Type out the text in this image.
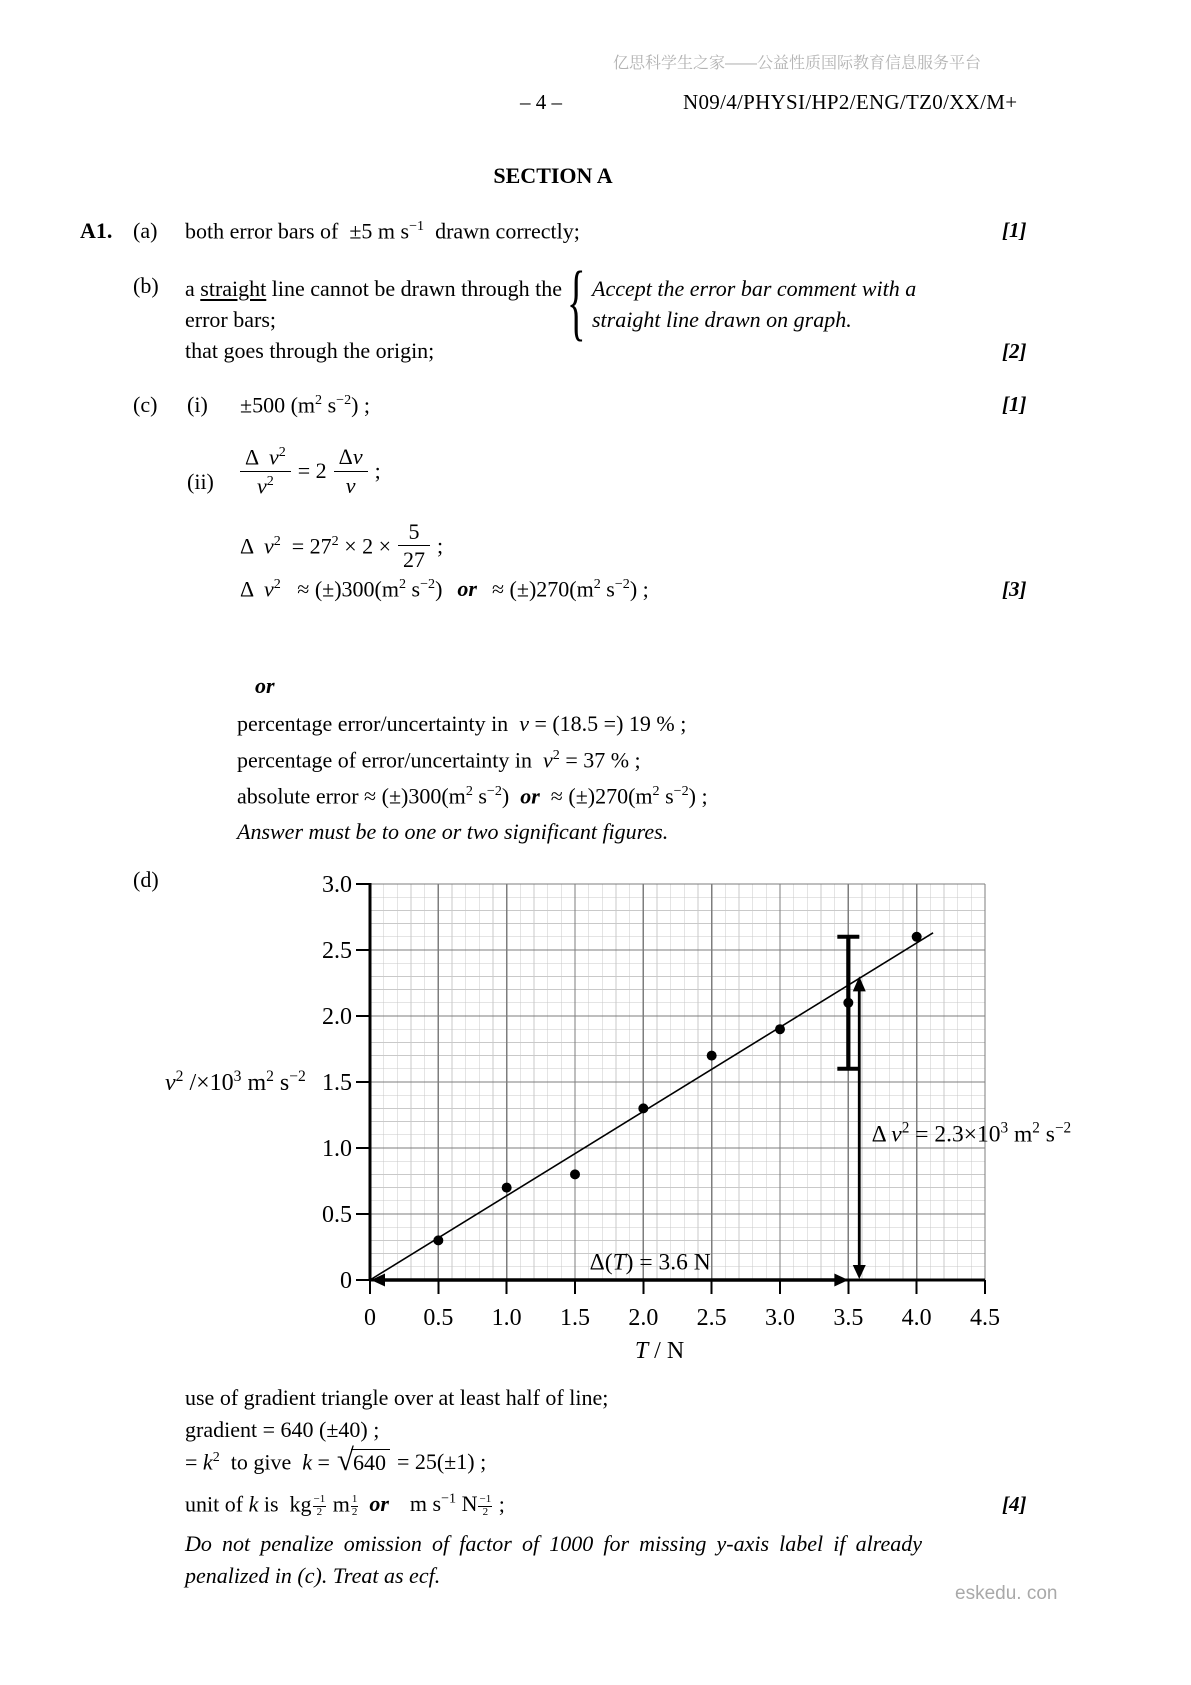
亿思科学生之家——公益性质国际教育信息服务平台
– 4 –	N09/4/PHYSI/HP2/ENG/TZ0/XX/M+
SECTION A
A1. (a) both error bars of  ±5 m $s^{-1}$  drawn correctly;	[1]
(b) a straight line cannot be drawn through the
error bars;	{ Accept the error bar comment with a
straight line drawn on graph.
that goes through the origin;	[2]
(c) (i) ±500 ($m^2$ $s^{-2}$) ;	[1]
$(ii) \frac{\Delta v^2}{v^2} = 2 \frac{\Delta v}{v}$ ;
Δ  $v^2 = 27^2 \times 2 \times \frac{5}{27}$ ;
Δ  $v^2 \approx (\pm)300(m^2$ $s^{-2}$) or ≈ $(\pm)270(m^2$ $s^{-2}$) ;	[3]
or
percentage error/uncertainty in  v = (18.5 =) 19 % ;
percentage of error/uncertainty in  $v^2 = 37$ % ;
absolute error ≈ $(\pm)300(m^2$ $s^{-2}$)  or  ≈ $(\pm)270(m^2$ $s^{-2}$) ;
Answer must be to one or two significant figures.
(d)
0 0.5 1.0 1.5 2.0 2.5 3.0 3.5 4.0 4.5
0
0.5
1.0
1.5
2.0
2.5
3.0
$v^2$ $/\times 10^3$ $m^2$ $s^{-2}$
T / N
Δ $v^2 = 2.3\times 10^3$ $m^2$ $s^{-2}$
Δ(T) = 3.6 N
use of gradient triangle over at least half of line;
gradient = 640 (±40) ;
= $k^2$  to give  k = √640 = 25(±1) ;
unit of k is  kg $\frac{-1}{2}$ m $\frac{1}{2}$ or  m $s^{-1}$ N $\frac{-1}{2}$ ;	[4]
Do not penalize omission of factor of 1000 for missing y-axis label if already
penalized in (c). Treat as ecf.
eskedu. con
